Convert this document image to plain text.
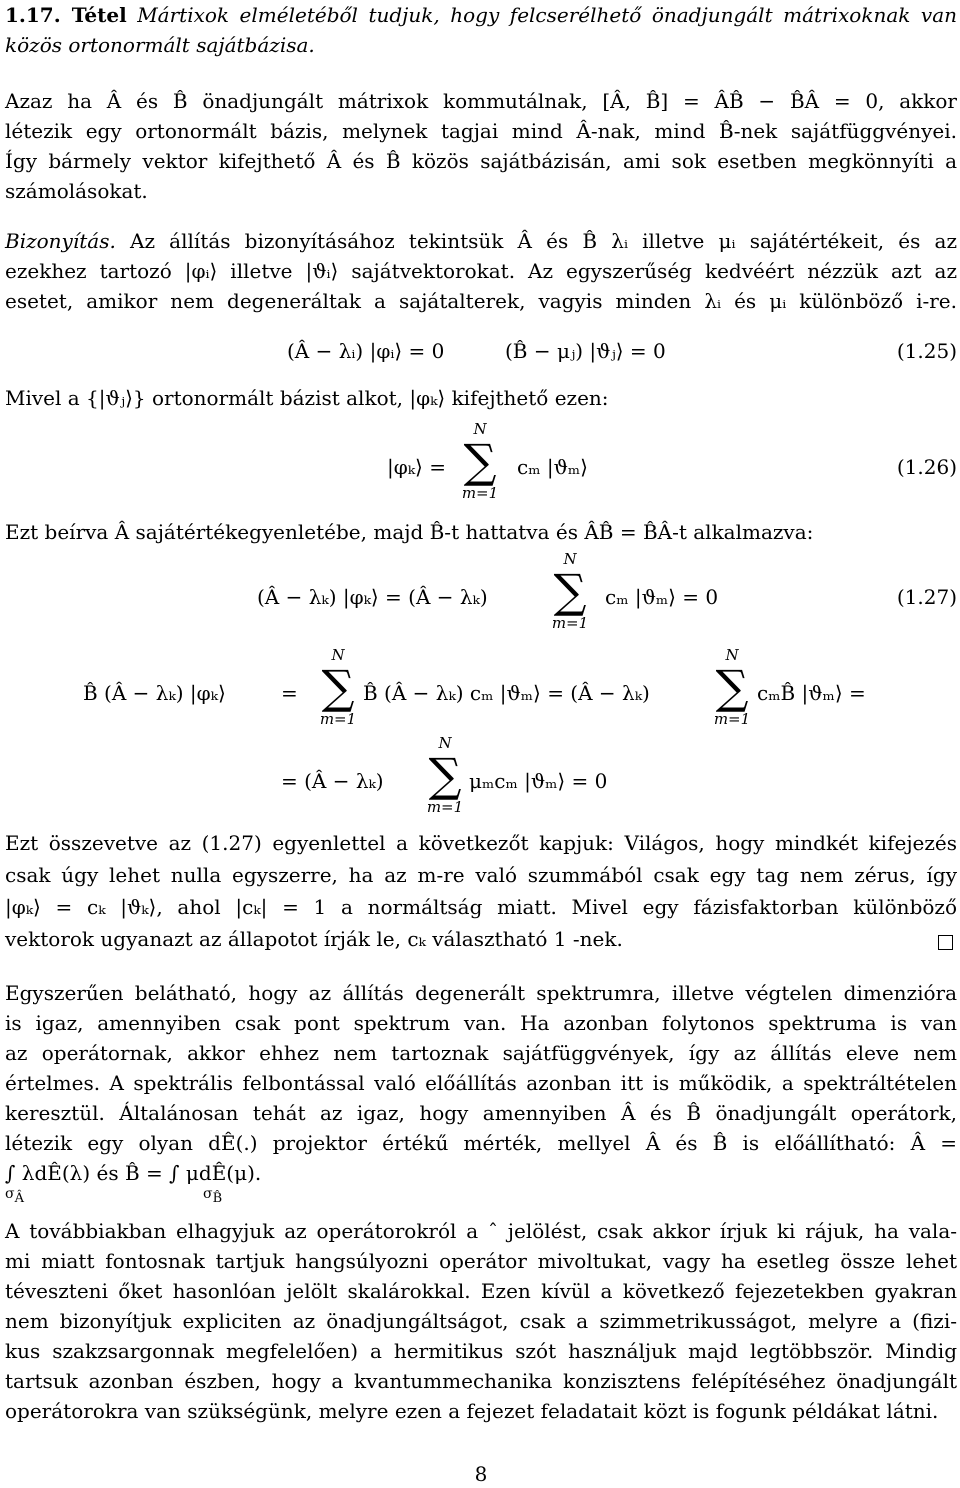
1.17. Tétel Mártixok elméletéből tudjuk, hogy felcserélhető önadjungált mátrixoknak van
közös ortonormált sajátbázisa.
Azaz ha Â és B̂ önadjungált mátrixok kommutálnak, [Â, B̂] = ÂB̂ − B̂Â = 0, akkor
létezik egy ortonormált bázis, melynek tagjai mind Â-nak, mind B̂-nek sajátfüggvényei.
Így bármely vektor kifejthető Â és B̂ közös sajátbázisán, ami sok esetben megkönnyíti a
számolásokat.
Bizonyítás. Az állítás bizonyításához tekintsük Â és B̂ λᵢ illetve μᵢ sajátértékeit, és az
ezekhez tartozó |φᵢ⟩ illetve |ϑᵢ⟩ sajátvektorokat. Az egyszerűség kedvéért nézzük azt az
esetet, amikor nem degeneráltak a sajátalterek, vagyis minden λᵢ és μᵢ különböző i-re.
(Â − λᵢ) |φᵢ⟩ = 0	(B̂ − μⱼ) |ϑⱼ⟩ = 0	(1.25)
Mivel a {|ϑⱼ⟩} ortonormált bázist alkot, |φₖ⟩ kifejthető ezen:
|φₖ⟩ =
N
∑
m=1
cₘ |ϑₘ⟩	(1.26)
Ezt beírva Â sajátértékegyenletébe, majd B̂-t hattatva és ÂB̂ = B̂Â-t alkalmazva:
(Â − λₖ) |φₖ⟩ = (Â − λₖ)
N
∑
m=1
cₘ |ϑₘ⟩ = 0	(1.27)
B̂ (Â − λₖ) |φₖ⟩	=
N
∑
m=1
B̂ (Â − λₖ) cₘ |ϑₘ⟩ = (Â − λₖ)
N
∑
m=1
cₘB̂ |ϑₘ⟩ =
= (Â − λₖ)
N
∑
m=1
μₘcₘ |ϑₘ⟩ = 0
Ezt összevetve az (1.27) egyenlettel a következőt kapjuk: Világos, hogy mindkét kifejezés
csak úgy lehet nulla egyszerre, ha az m-re való szummából csak egy tag nem zérus, így
|φₖ⟩ = cₖ |ϑₖ⟩, ahol |cₖ| = 1 a normáltság miatt. Mivel egy fázisfaktorban különböző
vektorok ugyanazt az állapotot írják le, cₖ választható 1 -nek.
Egyszerűen belátható, hogy az állítás degenerált spektrumra, illetve végtelen dimenzióra
is igaz, amennyiben csak pont spektrum van. Ha azonban folytonos spektruma is van
az operátornak, akkor ehhez nem tartoznak sajátfüggvények, így az állítás eleve nem
értelmes. A spektrális felbontással való előállítás azonban itt is működik, a spektráltételen
keresztül. Általánosan tehát az igaz, hogy amennyiben Â és B̂ önadjungált operátork,
létezik egy olyan dÊ(.) projektor értékű mérték, mellyel Â és B̂ is előállítható: Â =
∫ λdÊ(λ) és B̂ = ∫ μdÊ(μ).
$\sigma_Â$	$\sigma_{B̂}$
A továbbiakban elhagyjuk az operátorokról a ˆ jelölést, csak akkor írjuk ki rájuk, ha vala-
mi miatt fontosnak tartjuk hangsúlyozni operátor mivoltukat, vagy ha esetleg össze lehet
téveszteni őket hasonlóan jelölt skalárokkal. Ezen kívül a következő fejezetekben gyakran
nem bizonyítjuk expliciten az önadjungáltságot, csak a szimmetrikusságot, melyre a (fizi-
kus szakzsargonnak megfelelően) a hermitikus szót használjuk majd legtöbbször. Mindig
tartsuk azonban észben, hogy a kvantummechanika konzisztens felépítéséhez önadjungált
operátorokra van szükségünk, melyre ezen a fejezet feladatait közt is fogunk példákat látni.
8
